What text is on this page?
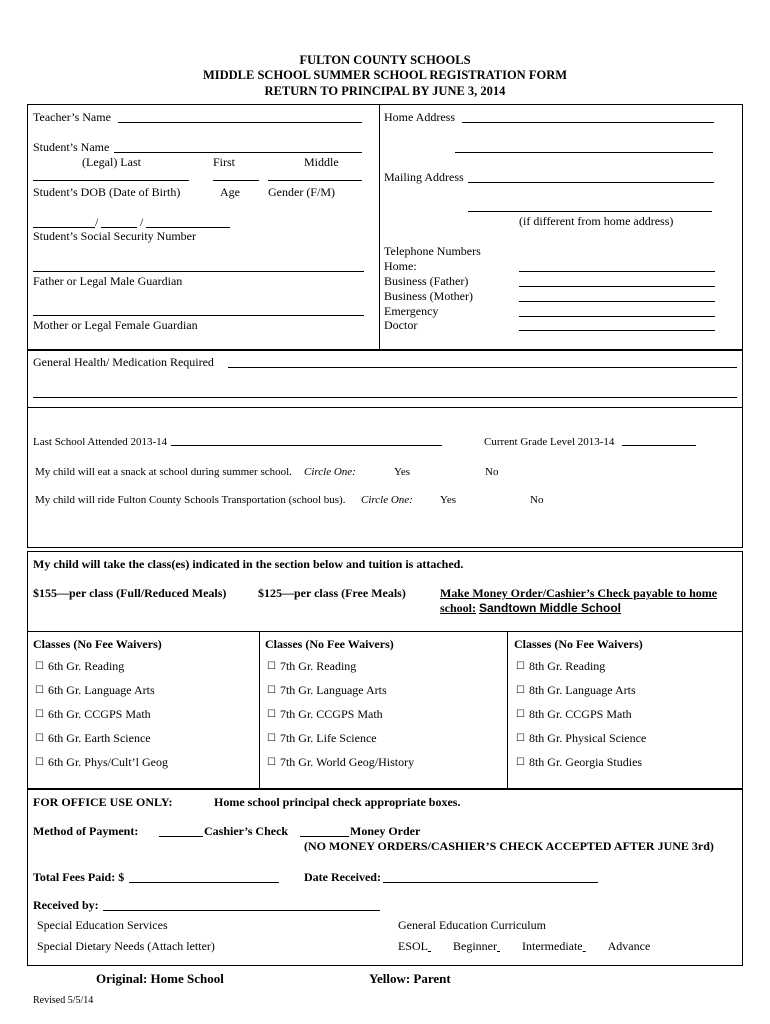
FULTON COUNTY SCHOOLS
MIDDLE SCHOOL SUMMER SCHOOL REGISTRATION FORM
RETURN TO PRINCIPAL BY JUNE 3, 2014
Teacher’s Name
Student’s Name
(Legal) Last	First	Middle
Student’s DOB (Date of Birth)	Age Gender (F/M)
/	/
Student’s Social Security Number
Father or Legal Male Guardian
Mother or Legal Female Guardian
Home Address
Mailing Address
(if different from home address)
Telephone Numbers
Home:
Business (Father)
Business (Mother)
Emergency
Doctor
General Health/ Medication Required
Last School Attended 2013-14	Current Grade Level 2013-14
My child will eat a snack at school during summer school. Circle One:	Yes	No
My child will ride Fulton County Schools Transportation (school bus). Circle One: Yes	No
My child will take the class(es) indicated in the section below and tuition is attached.
$155—per class (Full/Reduced Meals)	$125—per class (Free Meals)	Make Money Order/Cashier’s Check payable to home
school: Sandtown Middle School
Classes (No Fee Waivers)
☐ 6th Gr. Reading
☐ 6th Gr. Language Arts
☐ 6th Gr. CCGPS Math
☐ 6th Gr. Earth Science
☐ 6th Gr. Phys/Cult’l Geog
Classes (No Fee Waivers)
☐ 7th Gr. Reading
☐ 7th Gr. Language Arts
☐ 7th Gr. CCGPS Math
☐ 7th Gr. Life Science
☐ 7th Gr. World Geog/History
Classes (No Fee Waivers)
☐ 8th Gr. Reading
☐ 8th Gr. Language Arts
☐ 8th Gr. CCGPS Math
☐ 8th Gr. Physical Science
☐ 8th Gr. Georgia Studies
FOR OFFICE USE ONLY:	Home school principal check appropriate boxes.
Method of Payment:	Cashier’s Check	Money Order
(NO MONEY ORDERS/CASHIER’S CHECK ACCEPTED AFTER JUNE 3rd)
Total Fees Paid: $	Date Received:
Received by:
Special Education Services
Special Dietary Needs (Attach letter)
General Education Curriculum
ESOL Beginner Intermediate Advance
Original: Home School	Yellow: Parent
Revised 5/5/14
